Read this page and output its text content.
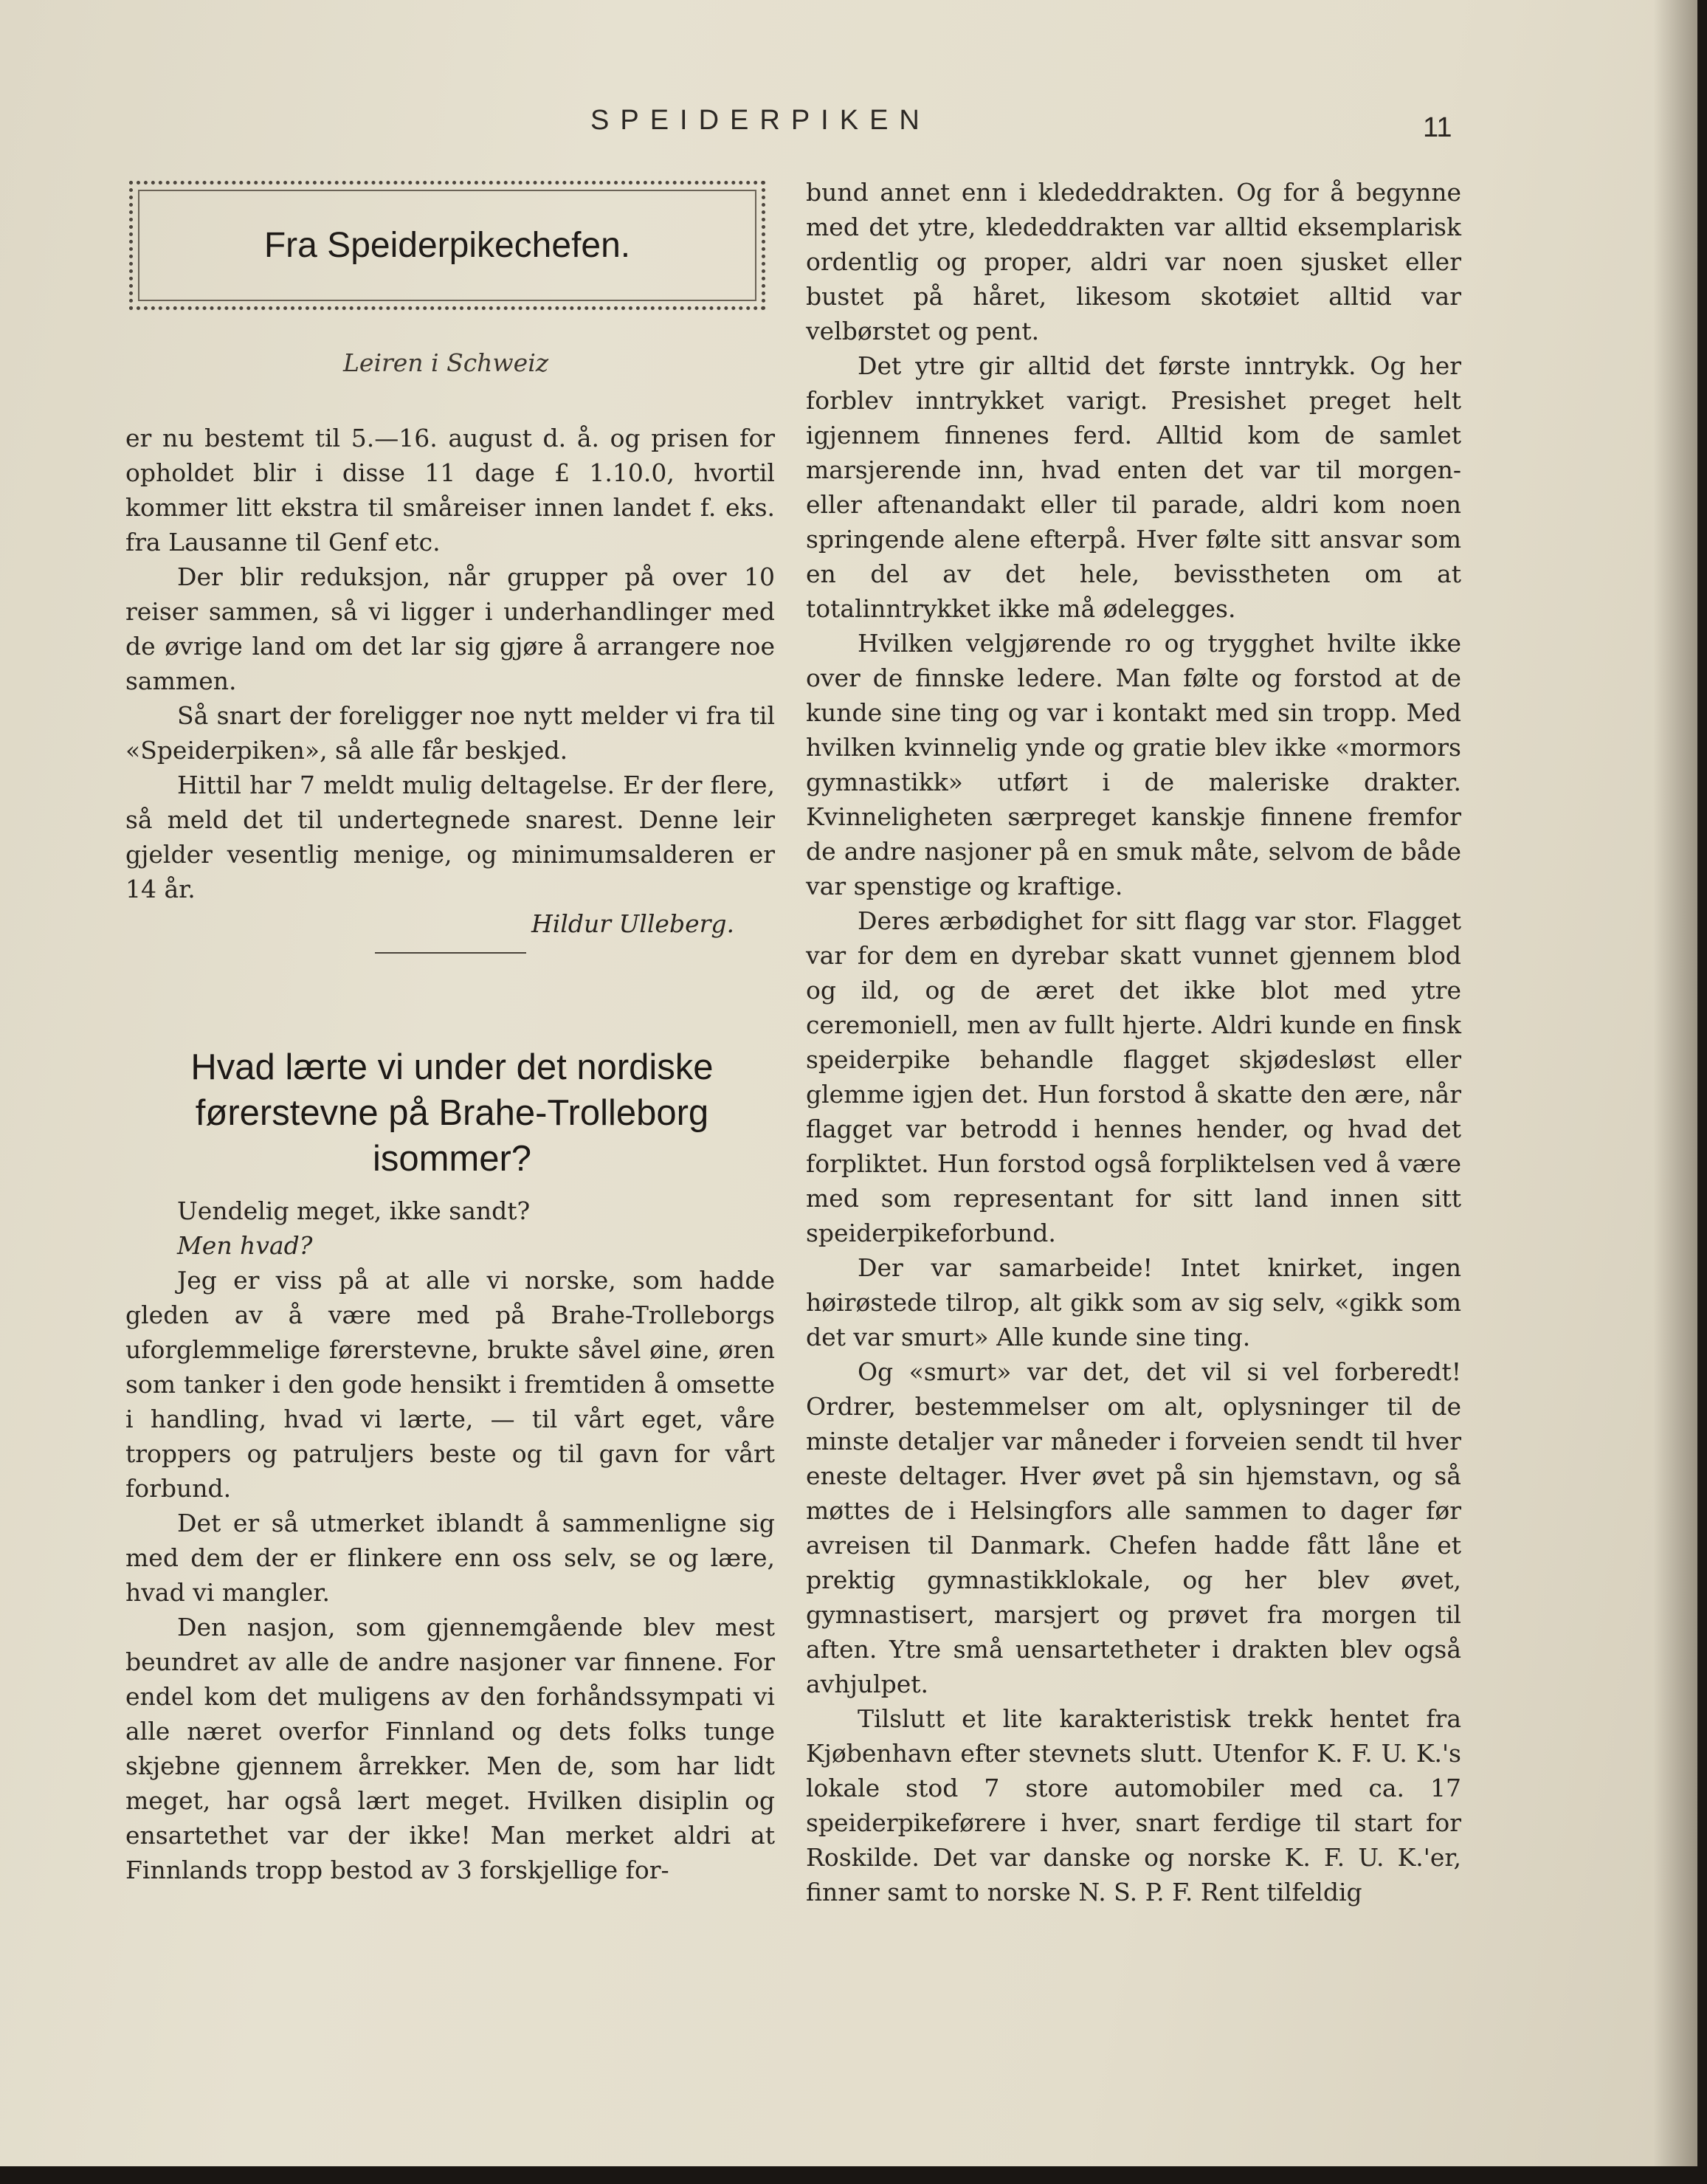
SPEIDERPIKEN	11
Fra Speiderpikechefen.
Leiren i Schweiz

er nu bestemt til 5.—16. august d. å. og prisen for opholdet blir i disse 11 dage £ 1.10.0, hvortil kommer litt ekstra til småreiser innen landet f. eks. fra Lausanne til Genf etc.

Der blir reduksjon, når grupper på over 10 reiser sammen, så vi ligger i underhandlinger med de øvrige land om det lar sig gjøre å arrangere noe sammen.

Så snart der foreligger noe nytt melder vi fra til «Speiderpiken», så alle får beskjed.

Hittil har 7 meldt mulig deltagelse. Er der flere, så meld det til undertegnede snarest. Denne leir gjelder vesentlig menige, og minimumsalderen er 14 år.

Hildur Ulleberg.

Hvad lærte vi under det nordiske førerstevne på Brahe-Trolleborg isommer?

Uendelig meget, ikke sandt?

Men hvad?

Jeg er viss på at alle vi norske, som hadde gleden av å være med på Brahe-Trolleborgs uforglemmelige førerstevne, brukte såvel øine, øren som tanker i den gode hensikt i fremtiden å omsette i handling, hvad vi lærte, — til vårt eget, våre troppers og patruljers beste og til gavn for vårt forbund.

Det er så utmerket iblandt å sammenligne sig med dem der er flinkere enn oss selv, se og lære, hvad vi mangler.

Den nasjon, som gjennemgående blev mest beundret av alle de andre nasjoner var finnene. For endel kom det muligens av den forhåndssympati vi alle næret overfor Finnland og dets folks tunge skjebne gjennem årrekker. Men de, som har lidt meget, har også lært meget. Hvilken disiplin og ensartethet var der ikke! Man merket aldri at Finnlands tropp bestod av 3 forskjellige for-

bund annet enn i klededdrakten. Og for å begynne med det ytre, klededdrakten var alltid eksemplarisk ordentlig og proper, aldri var noen sjusket eller bustet på håret, likesom skotøiet alltid var velbørstet og pent.

Det ytre gir alltid det første inntrykk. Og her forblev inntrykket varigt. Presishet preget helt igjennem finnenes ferd. Alltid kom de samlet marsjerende inn, hvad enten det var til morgen- eller aftenandakt eller til parade, aldri kom noen springende alene efterpå. Hver følte sitt ansvar som en del av det hele, bevisstheten om at totalinntrykket ikke må ødelegges.

Hvilken velgjørende ro og trygghet hvilte ikke over de finnske ledere. Man følte og forstod at de kunde sine ting og var i kontakt med sin tropp. Med hvilken kvinnelig ynde og gratie blev ikke «mormors gymnastikk» utført i de maleriske drakter. Kvinneligheten særpreget kanskje finnene fremfor de andre nasjoner på en smuk måte, selvom de både var spenstige og kraftige.

Deres ærbødighet for sitt flagg var stor. Flagget var for dem en dyrebar skatt vunnet gjennem blod og ild, og de æret det ikke blot med ytre ceremoniell, men av fullt hjerte. Aldri kunde en finsk speiderpike behandle flagget skjødesløst eller glemme igjen det. Hun forstod å skatte den ære, når flagget var betrodd i hennes hender, og hvad det forpliktet. Hun forstod også forpliktelsen ved å være med som representant for sitt land innen sitt speiderpikeforbund.

Der var samarbeide! Intet knirket, ingen høirøstede tilrop, alt gikk som av sig selv, «gikk som det var smurt» Alle kunde sine ting.

Og «smurt» var det, det vil si vel forberedt! Ordrer, bestemmelser om alt, oplysninger til de minste detaljer var måneder i forveien sendt til hver eneste deltager. Hver øvet på sin hjemstavn, og så møttes de i Helsingfors alle sammen to dager før avreisen til Danmark. Chefen hadde fått låne et prektig gymnastikklokale, og her blev øvet, gymnastisert, marsjert og prøvet fra morgen til aften. Ytre små uensartetheter i drakten blev også avhjulpet.

Tilslutt et lite karakteristisk trekk hentet fra Kjøbenhavn efter stevnets slutt. Utenfor K. F. U. K.'s lokale stod 7 store automobiler med ca. 17 speiderpikeførere i hver, snart ferdige til start for Roskilde. Det var danske og norske K. F. U. K.'er, finner samt to norske N. S. P. F. Rent tilfeldig
